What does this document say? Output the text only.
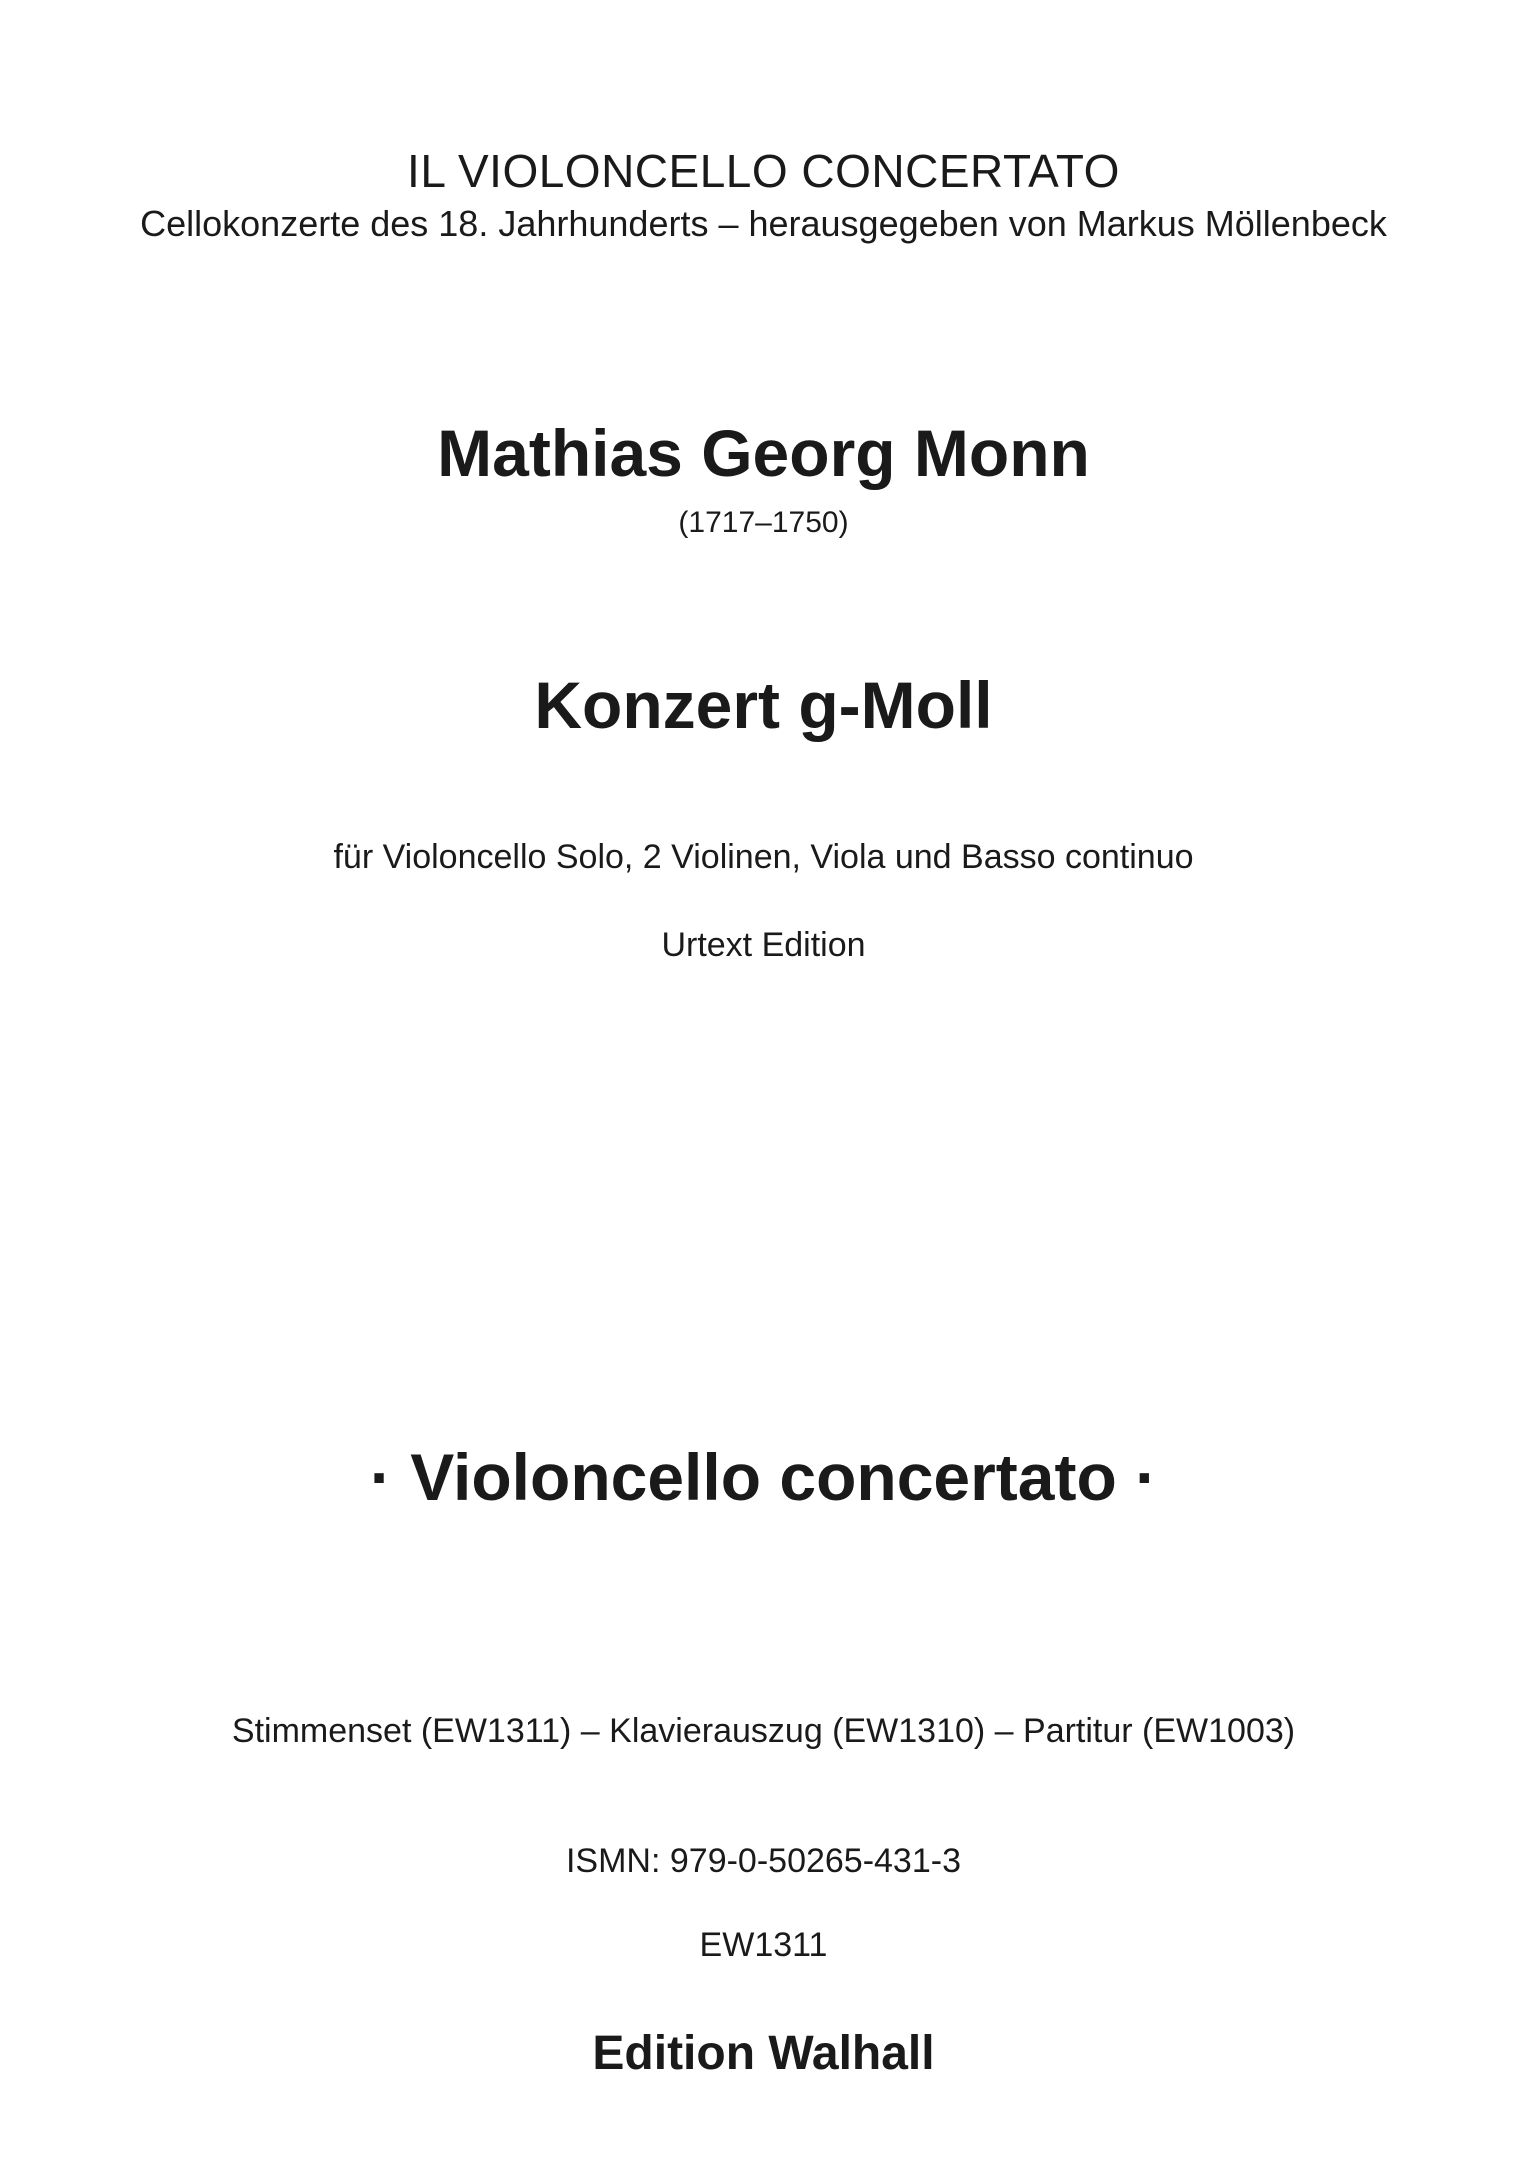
IL VIOLONCELLO CONCERTATO
Cellokonzerte des 18. Jahrhunderts – herausgegeben von Markus Möllenbeck
Mathias Georg Monn
(1717–1750)
Konzert g-Moll
für Violoncello Solo, 2 Violinen, Viola und Basso continuo
Urtext Edition
· Violoncello concertato ·
Stimmenset (EW1311) – Klavierauszug (EW1310) – Partitur (EW1003)
ISMN: 979-0-50265-431-3
EW1311
Edition Walhall
